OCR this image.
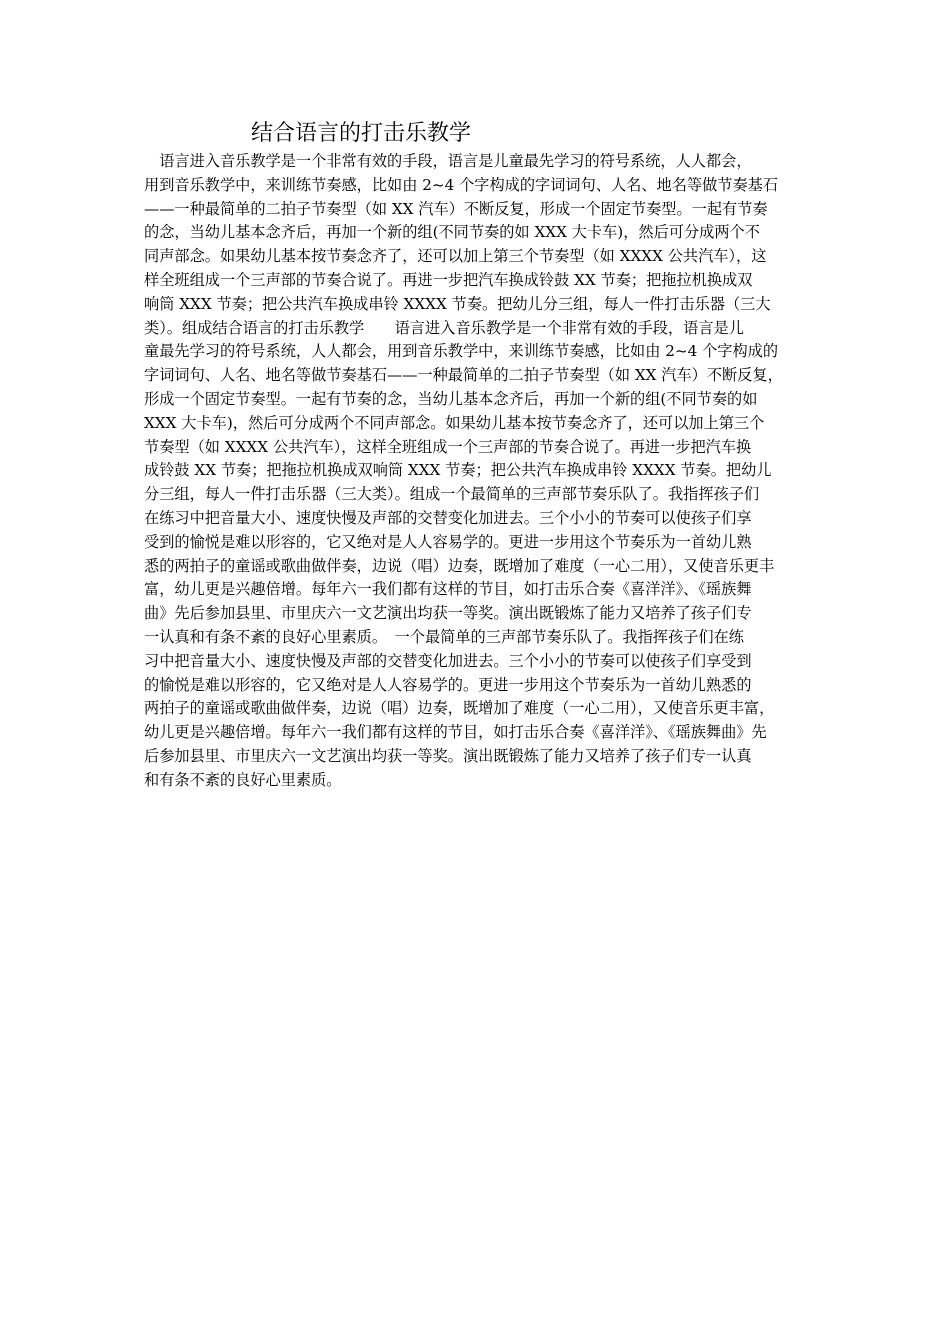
结合语言的打击乐教学
　语言进入音乐教学是一个非常有效的手段，语言是儿童最先学习的符号系统，人人都会，
用到音乐教学中，来训练节奏感，比如由 2~4 个字构成的字词词句、人名、地名等做节奏基石
——一种最简单的二拍子节奏型（如 XX 汽车）不断反复，形成一个固定节奏型。一起有节奏
的念，当幼儿基本念齐后，再加一个新的组(不同节奏的如 XXX 大卡车)，然后可分成两个不
同声部念。如果幼儿基本按节奏念齐了，还可以加上第三个节奏型（如 XXXX 公共汽车），这
样全班组成一个三声部的节奏合说了。再进一步把汽车换成铃鼓 XX 节奏；把拖拉机换成双
响筒 XXX 节奏；把公共汽车换成串铃 XXXX 节奏。把幼儿分三组，每人一件打击乐器（三大
类）。组成结合语言的打击乐教学　　语言进入音乐教学是一个非常有效的手段，语言是儿
童最先学习的符号系统，人人都会，用到音乐教学中，来训练节奏感，比如由 2~4 个字构成的
字词词句、人名、地名等做节奏基石——一种最简单的二拍子节奏型（如 XX 汽车）不断反复，
形成一个固定节奏型。一起有节奏的念，当幼儿基本念齐后，再加一个新的组(不同节奏的如
XXX 大卡车)，然后可分成两个不同声部念。如果幼儿基本按节奏念齐了，还可以加上第三个
节奏型（如 XXXX 公共汽车），这样全班组成一个三声部的节奏合说了。再进一步把汽车换
成铃鼓 XX 节奏；把拖拉机换成双响筒 XXX 节奏；把公共汽车换成串铃 XXXX 节奏。把幼儿
分三组，每人一件打击乐器（三大类）。组成一个最简单的三声部节奏乐队了。我指挥孩子们
在练习中把音量大小、速度快慢及声部的交替变化加进去。三个小小的节奏可以使孩子们享
受到的愉悦是难以形容的，它又绝对是人人容易学的。更进一步用这个节奏乐为一首幼儿熟
悉的两拍子的童谣或歌曲做伴奏，边说（唱）边奏，既增加了难度（一心二用），又使音乐更丰
富，幼儿更是兴趣倍增。每年六一我们都有这样的节目，如打击乐合奏《喜洋洋》、《瑶族舞
曲》先后参加县里、市里庆六一文艺演出均获一等奖。演出既锻炼了能力又培养了孩子们专
一认真和有条不紊的良好心里素质。　一个最简单的三声部节奏乐队了。我指挥孩子们在练
习中把音量大小、速度快慢及声部的交替变化加进去。三个小小的节奏可以使孩子们享受到
的愉悦是难以形容的，它又绝对是人人容易学的。更进一步用这个节奏乐为一首幼儿熟悉的
两拍子的童谣或歌曲做伴奏，边说（唱）边奏，既增加了难度（一心二用），又使音乐更丰富，
幼儿更是兴趣倍增。每年六一我们都有这样的节目，如打击乐合奏《喜洋洋》、《瑶族舞曲》先
后参加县里、市里庆六一文艺演出均获一等奖。演出既锻炼了能力又培养了孩子们专一认真
和有条不紊的良好心里素质。
